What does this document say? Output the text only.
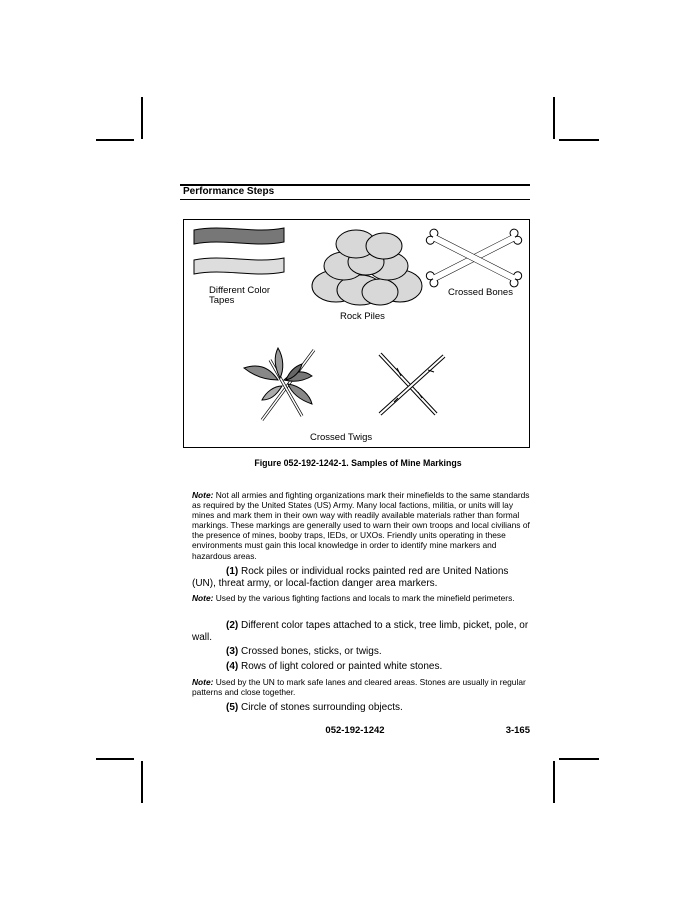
Performance Steps
Different Color Tapes
Rock Piles
Crossed Bones
Crossed Twigs
Figure 052-192-1242-1. Samples of Mine Markings
Note: Not all armies and fighting organizations mark their minefields to the same standards as required by the United States (US) Army. Many local factions, militia, or units will lay mines and mark them in their own way with readily available materials rather than formal markings. These markings are generally used to warn their own troops and local civilians of the presence of mines, booby traps, IEDs, or UXOs. Friendly units operating in these environments must gain this local knowledge in order to identify mine markers and hazardous areas.
(1) Rock piles or individual rocks painted red are United Nations (UN), threat army, or local-faction danger area markers.
Note: Used by the various fighting factions and locals to mark the minefield perimeters.
(2) Different color tapes attached to a stick, tree limb, picket, pole, or wall.
(3) Crossed bones, sticks, or twigs.
(4) Rows of light colored or painted white stones.
Note: Used by the UN to mark safe lanes and cleared areas. Stones are usually in regular patterns and close together.
(5) Circle of stones surrounding objects.
052-192-1242	3-165
